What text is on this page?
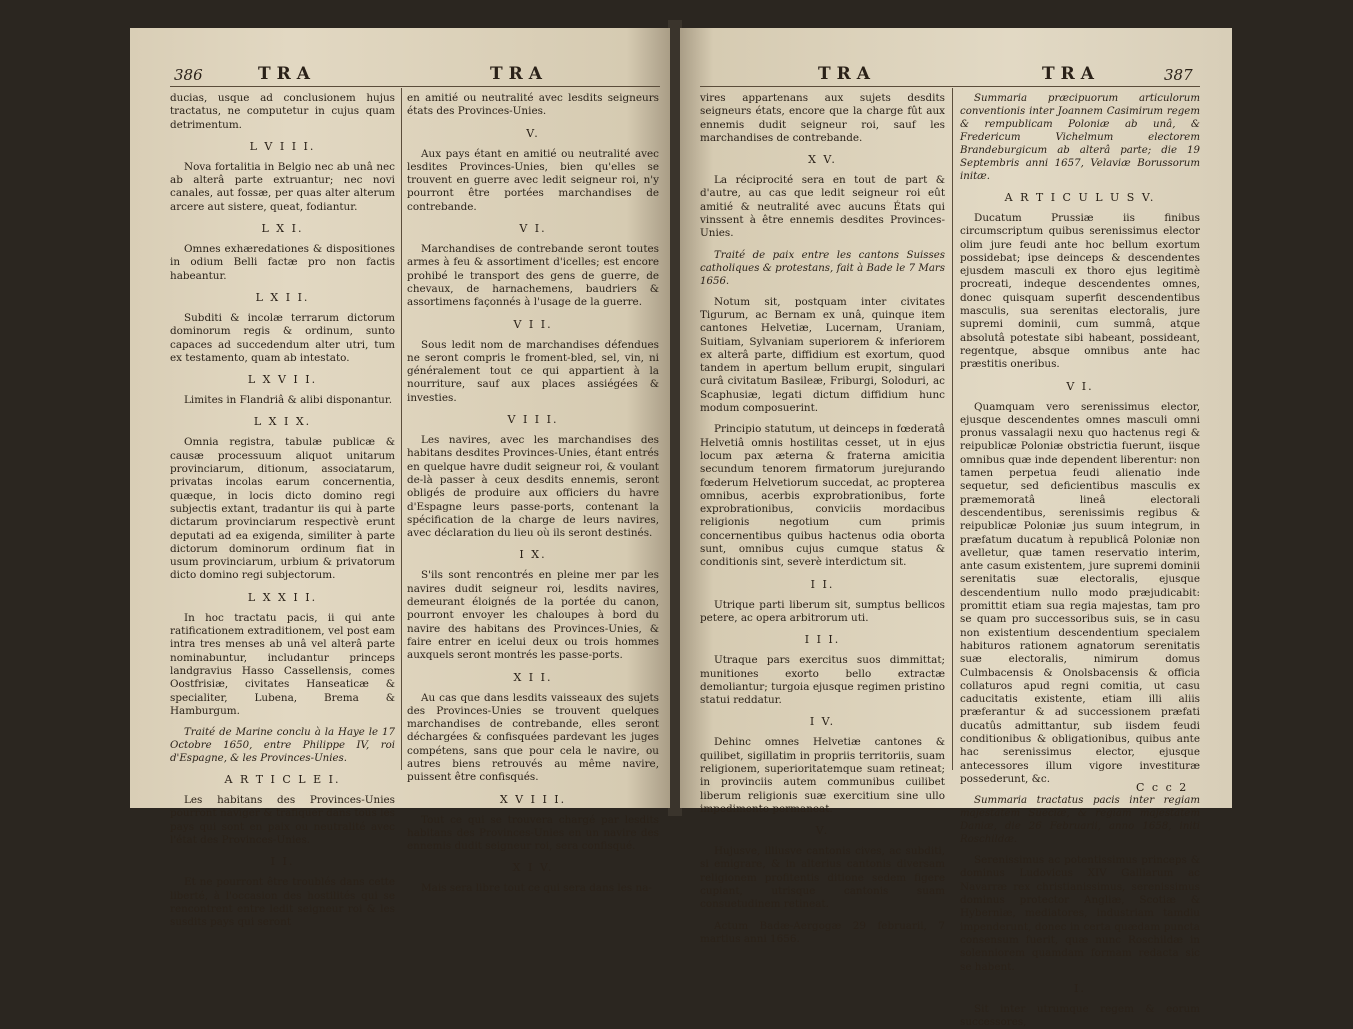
386	TRA	TRA
ducias, usque ad conclusionem hujus tractatus, ne computetur in cujus quam detrimentum.
L V I I I.
Nova fortalitia in Belgio nec ab unâ nec ab alterâ parte extruantur; nec novi canales, aut fossæ, per quas alter alterum arcere aut sistere, queat, fodiantur.
L X I.
Omnes exhæredationes & dispositiones in odium Belli factæ pro non factis habeantur.
L X I I.
Subditi & incolæ terrarum dictorum dominorum regis & ordinum, sunto capaces ad succedendum alter utri, tum ex testamento, quam ab intestato.
L X V I I.
Limites in Flandriâ & alibi disponantur.
L X I X.
Omnia registra, tabulæ publicæ & causæ processuum aliquot unitarum provinciarum, ditionum, associatarum, privatas incolas earum concernentia, quæque, in locis dicto domino regi subjectis extant, tradantur iis qui à parte dictarum provinciarum respectivè erunt deputati ad ea exigenda, similiter à parte dictorum dominorum ordinum fiat in usum provinciarum, urbium & privatorum dicto domino regi subjectorum.
L X X I I.
In hoc tractatu pacis, ii qui ante ratificationem extraditionem, vel post eam intra tres menses ab unâ vel alterâ parte nominabuntur, includantur princeps landgravius Hasso Cassellensis, comes Oostfrisiæ, civitates Hanseaticæ & specialiter, Lubena, Brema & Hamburgum.
Traité de Marine conclu à la Haye le 17 Octobre 1650, entre Philippe IV, roi d'Espagne, & les Provinces-Unies.
A R T I C L E I.
Les habitans des Provinces-Unies pourront naviger & trafiquer dans tous les pays qui sont en paix ou neutralité avec l'état des Provinces-Unies.
I I.
Et ne pourront être troublés dans cette liberté, à l'occasion des hostilités qui se rencontrent entre ledit seigneur roi & les susdits pays qui seront
en amitié ou neutralité avec lesdits seigneurs états des Provinces-Unies.
V.
Aux pays étant en amitié ou neutralité avec lesdites Provinces-Unies, bien qu'elles se trouvent en guerre avec ledit seigneur roi, n'y pourront être portées marchandises de contrebande.
V I.
Marchandises de contrebande seront toutes armes à feu & assortiment d'icelles; est encore prohibé le transport des gens de guerre, de chevaux, de harnachemens, baudriers & assortimens façonnés à l'usage de la guerre.
V I I.
Sous ledit nom de marchandises défendues ne seront compris le froment-bled, sel, vin, ni généralement tout ce qui appartient à la nourriture, sauf aux places assiégées & investies.
V I I I.
Les navires, avec les marchandises des habitans desdites Provinces-Unies, étant entrés en quelque havre dudit seigneur roi, & voulant de-là passer à ceux desdits ennemis, seront obligés de produire aux officiers du havre d'Espagne leurs passe-ports, contenant la spécification de la charge de leurs navires, avec déclaration du lieu où ils seront destinés.
I X.
S'ils sont rencontrés en pleine mer par les navires dudit seigneur roi, lesdits navires, demeurant éloignés de la portée du canon, pourront envoyer les chaloupes à bord du navire des habitans des Provinces-Unies, & faire entrer en icelui deux ou trois hommes auxquels seront montrés les passe-ports.
X I I.
Au cas que dans lesdits vaisseaux des sujets des Provinces-Unies se trouvent quelques marchandises de contrebande, elles seront déchargées & confisquées pardevant les juges compétens, sans que pour cela le navire, ou autres biens retrouvés au même navire, puissent être confisqués.
X V I I I.
Tout ce qui se trouvera chargé par lesdits habitans des Provinces-Unies en un navire des ennemis dudit seigneur roi, sera confisqué.
X I V.
Mais sera libre tout ce qui sera dans les na-
TRA	TRA	387
vires appartenans aux sujets desdits seigneurs états, encore que la charge fût aux ennemis dudit seigneur roi, sauf les marchandises de contrebande.
X V.
La réciprocité sera en tout de part & d'autre, au cas que ledit seigneur roi eût amitié & neutralité avec aucuns États qui vinssent à être ennemis desdites Provinces-Unies.
Traité de paix entre les cantons Suisses catholiques & protestans, fait à Bade le 7 Mars 1656.
Notum sit, postquam inter civitates Tigurum, ac Bernam ex unâ, quinque item cantones Helvetiæ, Lucernam, Uraniam, Suitiam, Sylvaniam superiorem & inferiorem ex alterâ parte, diffidium est exortum, quod tandem in apertum bellum erupit, singulari curâ civitatum Basileæ, Friburgi, Soloduri, ac Scaphusiæ, legati dictum diffidium hunc modum composuerint.
Principio statutum, ut deinceps in fœderatâ Helvetiâ omnis hostilitas cesset, ut in ejus locum pax æterna & fraterna amicitia secundum tenorem firmatorum jurejurando fœderum Helvetiorum succedat, ac propterea omnibus, acerbis exprobrationibus, forte exprobrationibus, conviciis mordacibus religionis negotium cum primis concernentibus quibus hactenus odia oborta sunt, omnibus cujus cumque status & conditionis sint, severè interdictum sit.
I I.
Utrique parti liberum sit, sumptus bellicos petere, ac opera arbitrorum uti.
I I I.
Utraque pars exercitus suos dimmittat; munitiones exorto bello extractæ demoliantur; turgoia ejusque regimen pristino statui reddatur.
I V.
Dehinc omnes Helvetiæ cantones & quilibet, sigillatim in propriis territoriis, suam religionem, superioritatemque suam retineat; in provinciis autem communibus cuilibet liberum religionis suæ exercitium sine ullo impedimento permaneat.
V.
Hujusve, illiusve cantonis cives, ac subditi, si emigrare, & in alterius cantonis diversam religionem profitentis ditione sedem figere cupiant, utrisque cantonis suam consuetudinem retineat.
Actum Badæ-Aergogæ 29 februarii, 7 martius anni 1656.
Summaria præcipuorum articulorum conventionis inter Joannem Casimirum regem & rempublicam Poloniæ ab unâ, & Fredericum Vichelmum electorem Brandeburgicum ab alterâ parte; die 19 Septembris anni 1657, Velaviæ Borussorum initæ.
A R T I C U L U S V.
Ducatum Prussiæ iis finibus circumscriptum quibus serenissimus elector olim jure feudi ante hoc bellum exortum possidebat; ipse deinceps & descendentes ejusdem masculi ex thoro ejus legitimè procreati, indeque descendentes omnes, donec quisquam superfit descendentibus masculis, sua serenitas electoralis, jure supremi dominii, cum summâ, atque absolutâ potestate sibi habeant, possideant, regentque, absque omnibus ante hac præstitis oneribus.
V I.
Quamquam vero serenissimus elector, ejusque descendentes omnes masculi omni pronus vassalagii nexu quo hactenus regi & reipublicæ Poloniæ obstrictia fuerunt, iisque omnibus quæ inde dependent liberentur: non tamen perpetua feudi alienatio inde sequetur, sed deficientibus masculis ex præmemoratâ lineâ electorali descendentibus, serenissimis regibus & reipublicæ Poloniæ jus suum integrum, in præfatum ducatum à republicâ Poloniæ non avelletur, quæ tamen reservatio interim, ante casum existentem, jure supremi dominii serenitatis suæ electoralis, ejusque descendentium nullo modo præjudicabit: promittit etiam sua regia majestas, tam pro se quam pro successoribus suis, se in casu non existentium descendentium specialem habituros rationem agnatorum serenitatis suæ electoralis, nimirum domus Culmbacensis & Onolsbacensis & officia collaturos apud regni comitia, ut casu caducitatis existente, etiam illi aliis præferantur & ad successionem præfati ducatûs admittantur, sub iisdem feudi conditionibus & obligationibus, quibus ante hac serenissimus elector, ejusque antecessores illum vigore investituræ possederunt, &c.
Summaria tractatus pacis inter regiam majestatem Sueciæ, & regiam majestatem Daniæ, die 26 Februarii, anno 1658, initi Roschildæ.
Serenissimus ac potentissimus princeps & dominus Ludovicus XIV Galliarum ac Navarræ rex christianissimus, serenissimus dominus protector Angliæ, Scotiæ & Hyberniæ, mediatores, industriam tamdiu impenderunt, donec in certa quædam puncta consensum fuerit, quæ nunc Roschildæ in solenniorem quamdam formam redacta sic se habent.
I.
Sit inter utrumque regem & eorum successores,
C c c 2
